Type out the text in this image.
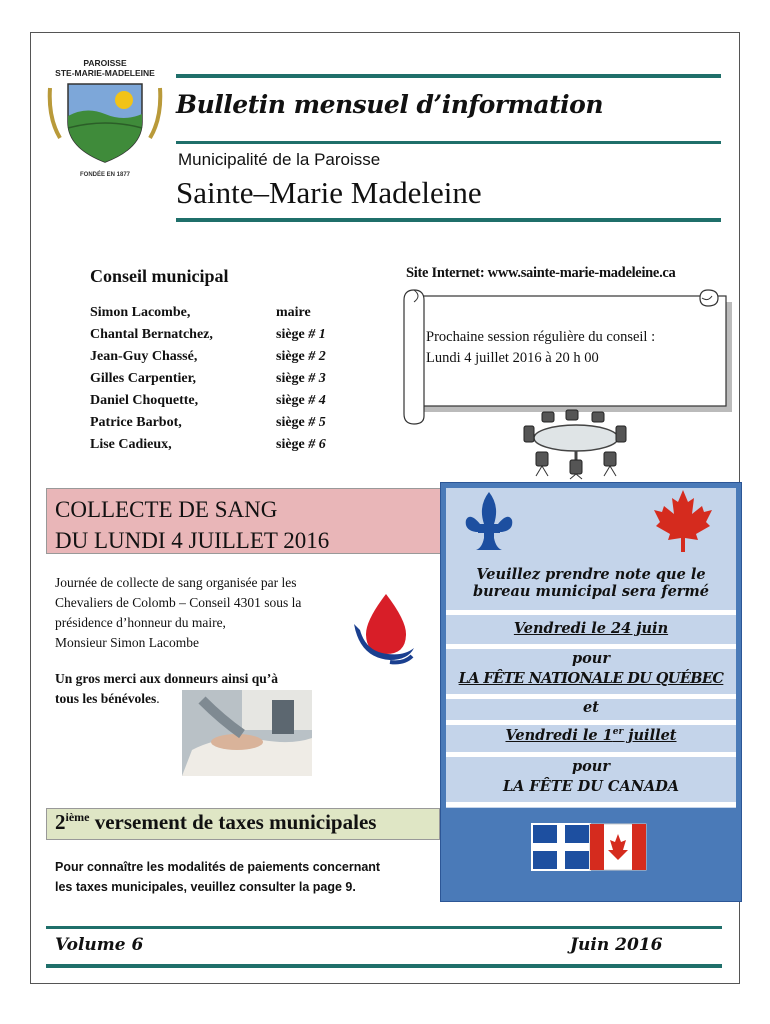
PAROISSE
STE-MARIE-MADELEINE
FONDÉE EN 1877
Bulletin mensuel d’information
Municipalité de la Paroisse
Sainte–Marie Madeleine
Conseil municipal	Site Internet: www.sainte-marie-madeleine.ca
Simon Lacombe,	maire
Chantal Bernatchez,	siège # 1
Jean-Guy Chassé,	siège # 2
Gilles Carpentier,	siège # 3
Daniel Choquette,	siège # 4
Patrice Barbot,	siège # 5
Lise Cadieux,	siège # 6
Prochaine session régulière du conseil :
Lundi 4 juillet 2016 à 20 h 00
COLLECTE DE SANG
DU LUNDI 4 JUILLET 2016
Journée de collecte de sang organisée par les
Chevaliers de Colomb – Conseil 4301 sous la
présidence d’honneur du maire,
Monsieur Simon Lacombe
Un gros merci aux donneurs ainsi qu’à
tous les bénévoles.
2ième versement de taxes municipales
Pour connaître les modalités de paiements concernant
les taxes municipales, veuillez consulter la page 9.
Veuillez prendre note que le
bureau municipal sera fermé
Vendredi le 24 juin
pour
LA FÊTE NATIONALE DU QUÉBEC
et
Vendredi le 1er juillet
pour
LA FÊTE DU CANADA
Volume 6	Juin 2016
